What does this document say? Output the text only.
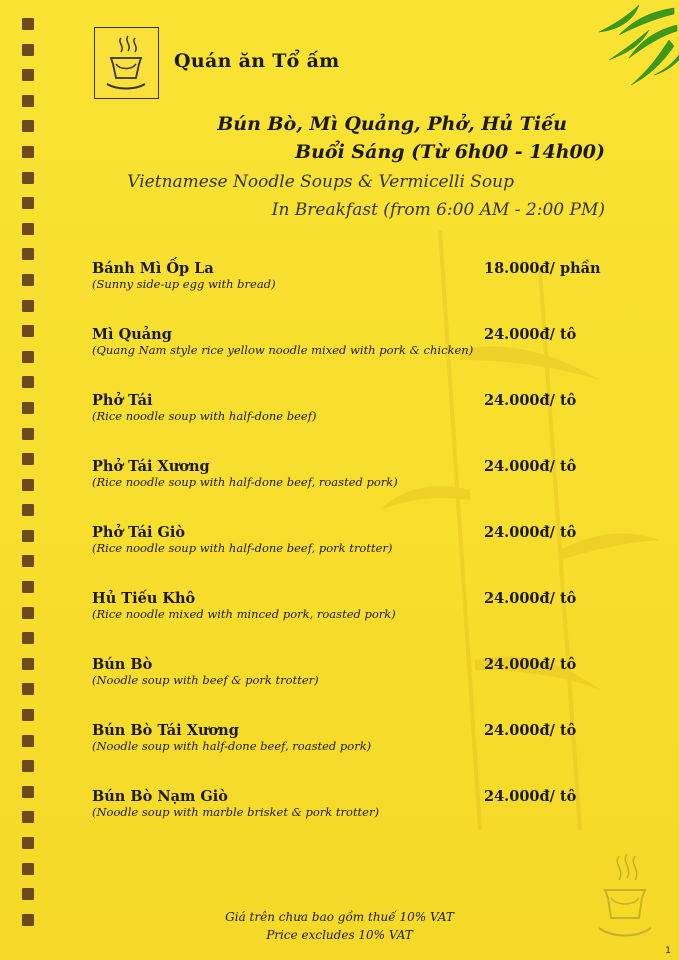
Quán ăn Tổ ấm
Bún Bò, Mì Quảng, Phở, Hủ Tiếu
Buổi Sáng (Từ 6h00 - 14h00)
Vietnamese Noodle Soups & Vermicelli Soup
In Breakfast (from 6:00 AM - 2:00 PM)
Bánh Mì Ốp La
(Sunny side-up egg with bread)
18.000đ/ phần
Mì Quảng
(Quang Nam style rice yellow noodle mixed with pork & chicken)
24.000đ/ tô
Phở Tái
(Rice noodle soup with half-done beef)
24.000đ/ tô
Phở Tái Xương
(Rice noodle soup with half-done beef, roasted pork)
24.000đ/ tô
Phở Tái Giò
(Rice noodle soup with half-done beef, pork trotter)
24.000đ/ tô
Hủ Tiếu Khô
(Rice noodle mixed with minced pork, roasted pork)
24.000đ/ tô
Bún Bò
(Noodle soup with beef & pork trotter)
24.000đ/ tô
Bún Bò Tái Xương
(Noodle soup with half-done beef, roasted pork)
24.000đ/ tô
Bún Bò Nạm Giò
(Noodle soup with marble brisket & pork trotter)
24.000đ/ tô
Giá trên chưa bao gồm thuế 10% VAT
Price excludes 10% VAT
1
